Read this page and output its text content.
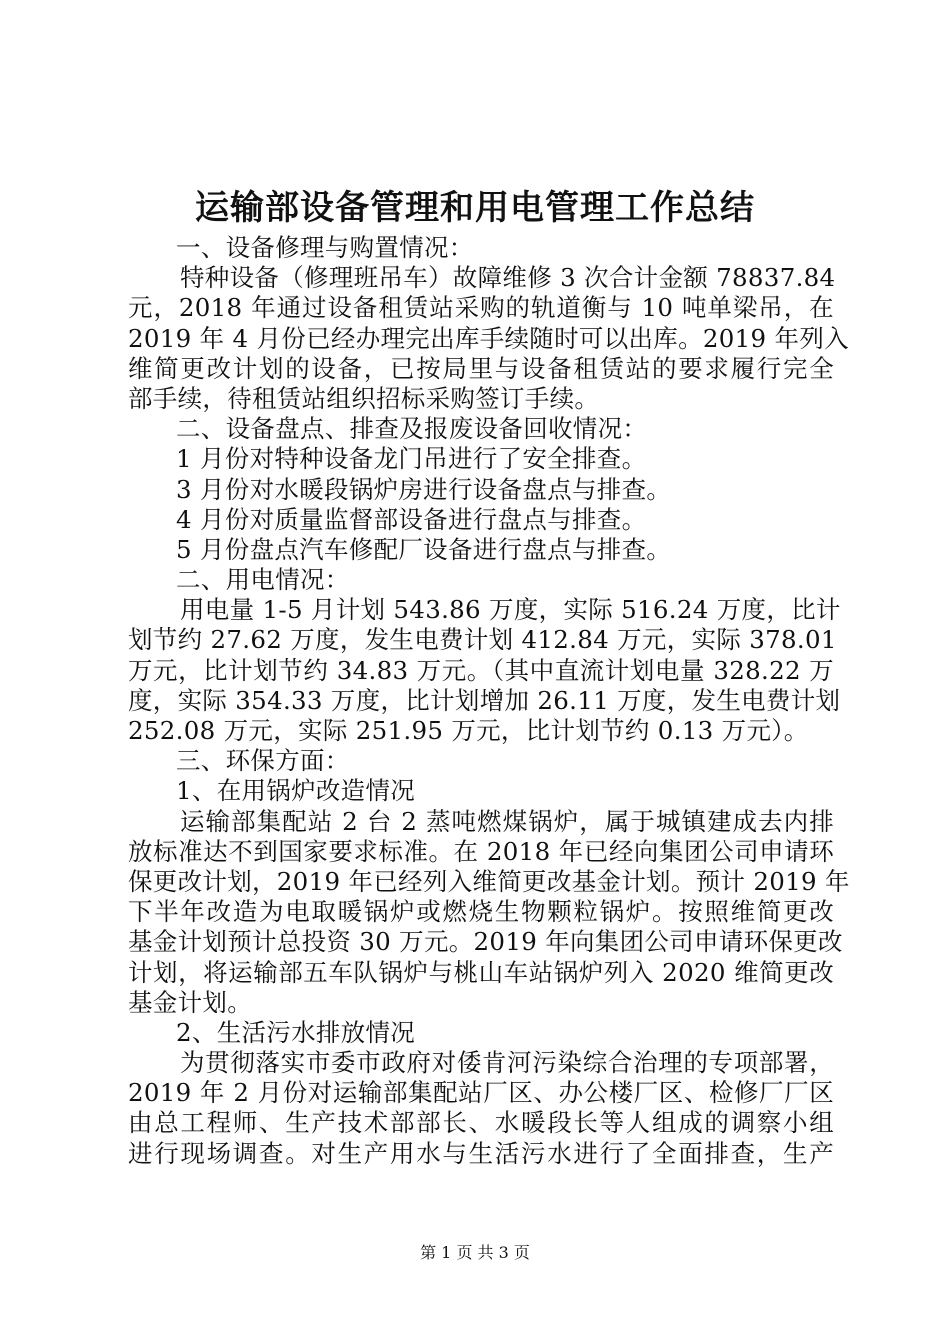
运输部设备管理和用电管理工作总结
一、设备修理与购置情况：
特种设备（修理班吊车）故障维修 3 次合计金额 78837.84
元，2018 年通过设备租赁站采购的轨道衡与 10 吨单梁吊，在
2019 年 4 月份已经办理完出库手续随时可以出库。2019 年列入
维简更改计划的设备，已按局里与设备租赁站的要求履行完全
部手续，待租赁站组织招标采购签订手续。
二、设备盘点、排查及报废设备回收情况：
1 月份对特种设备龙门吊进行了安全排查。
3 月份对水暖段锅炉房进行设备盘点与排查。
4 月份对质量监督部设备进行盘点与排查。
5 月份盘点汽车修配厂设备进行盘点与排查。
二、用电情况：
用电量 1-5 月计划 543.86 万度，实际 516.24 万度，比计
划节约 27.62 万度，发生电费计划 412.84 万元，实际 378.01
万元，比计划节约 34.83 万元。（其中直流计划电量 328.22 万
度，实际 354.33 万度，比计划增加 26.11 万度，发生电费计划
252.08 万元，实际 251.95 万元，比计划节约 0.13 万元）。
三、环保方面：
1、在用锅炉改造情况
运输部集配站 2 台 2 蒸吨燃煤锅炉，属于城镇建成去内排
放标准达不到国家要求标准。在 2018 年已经向集团公司申请环
保更改计划，2019 年已经列入维简更改基金计划。预计 2019 年
下半年改造为电取暖锅炉或燃烧生物颗粒锅炉。按照维简更改
基金计划预计总投资 30 万元。2019 年向集团公司申请环保更改
计划，将运输部五车队锅炉与桃山车站锅炉列入 2020 维简更改
基金计划。
2、生活污水排放情况
为贯彻落实市委市政府对倭肯河污染综合治理的专项部署，
2019 年 2 月份对运输部集配站厂区、办公楼厂区、检修厂厂区
由总工程师、生产技术部部长、水暖段长等人组成的调察小组
进行现场调查。对生产用水与生活污水进行了全面排查，生产
第 1 页 共 3 页
